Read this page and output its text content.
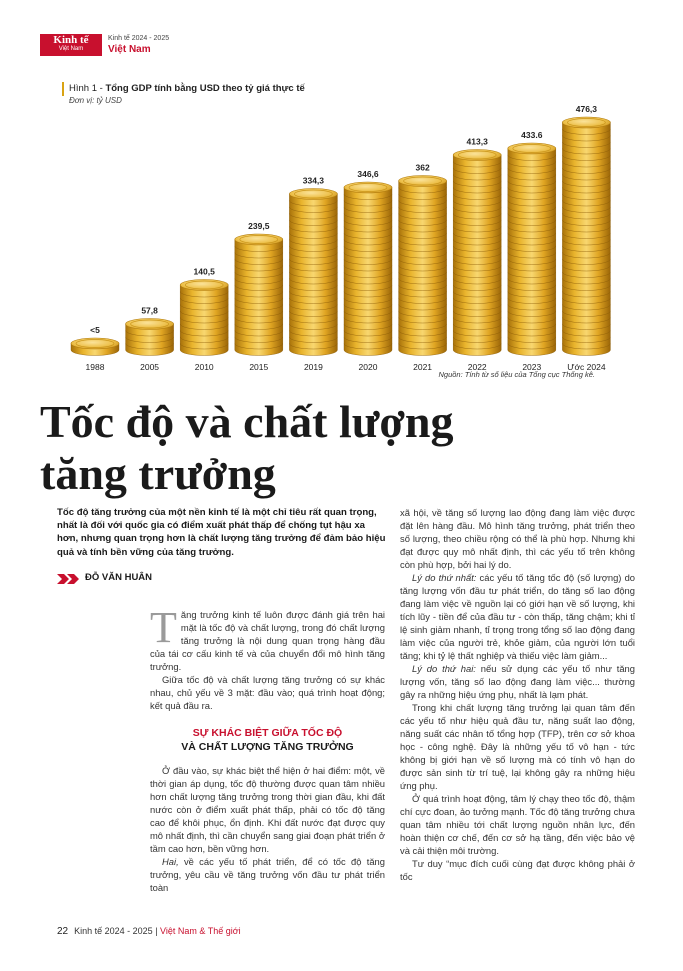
Kinh tế
Việt Nam
Kinh tế 2024 - 2025
Việt Nam
Hình 1 - Tổng GDP tính bằng USD theo tỷ giá thực tế
Đơn vị: tỷ USD
<5
1988
57,8
2005
140,5
2010
239,5
2015
334,3
2019
346,6
2020
362
2021
413,3
2022
433.6
2023
476,3
Ước 2024
Nguồn: Tính từ số liệu của Tổng cục Thống kê.
Tốc độ và chất lượng
tăng trưởng
Tốc độ tăng trưởng của một nền kinh tế là một chỉ tiêu rất quan trọng, nhất là đối với quốc gia có điểm xuất phát thấp để chống tụt hậu xa hơn, nhưng quan trọng hơn là chất lượng tăng trưởng để đảm bảo hiệu quả và tính bền vững của tăng trưởng.
ĐỖ VĂN HUÂN

Tăng trưởng kinh tế luôn được đánh giá trên hai mặt là tốc độ và chất lượng, trong đó chất lượng tăng trưởng là nội dung quan trọng hàng đầu của tái cơ cấu kinh tế và của chuyển đổi mô hình tăng trưởng.

Giữa tốc độ và chất lượng tăng trưởng có sự khác nhau, chủ yếu về 3 mặt: đầu vào; quá trình hoạt động; kết quả đầu ra.

SỰ KHÁC BIỆT GIỮA TỐC ĐỘ
VÀ CHẤT LƯỢNG TĂNG TRƯỞNG

Ở đầu vào, sự khác biệt thể hiện ở hai điểm: một, về thời gian áp dụng, tốc độ thường được quan tâm nhiều hơn chất lượng tăng trưởng trong thời gian đầu, khi đất nước còn ở điểm xuất phát thấp, phải có tốc độ tăng cao để khôi phục, ổn định. Khi đất nước đạt được quy mô nhất định, thì cần chuyển sang giai đoạn phát triển ở tầm cao hơn, bền vững hơn.

Hai, về các yếu tố phát triển, để có tốc độ tăng trưởng, yêu cầu về tăng trưởng vốn đầu tư phát triển toàn

xã hội, về tăng số lượng lao động đang làm việc được đặt lên hàng đầu. Mô hình tăng trưởng, phát triển theo số lượng, theo chiều rộng có thể là phù hợp. Nhưng khi đạt được quy mô nhất định, thì các yếu tố trên không còn phù hợp, bởi hai lý do.

Lý do thứ nhất: các yếu tố tăng tốc độ (số lượng) do tăng lượng vốn đầu tư phát triển, do tăng số lao động đang làm việc về nguồn lại có giới hạn về số lượng, khi tích lũy - tiền để của đầu tư - còn thấp, tăng chậm; khi tỉ lệ sinh giảm nhanh, tỉ trọng trong tổng số lao động đang làm việc của người trẻ, khỏe giảm, của người lớn tuổi tăng; khi tỷ lệ thất nghiệp và thiếu việc làm giảm...

Lý do thứ hai: nếu sử dụng các yếu tố như tăng lượng vốn, tăng số lao động đang làm việc... thường gây ra những hiệu ứng phụ, nhất là lạm phát.

Trong khi chất lượng tăng trưởng lại quan tâm đến các yếu tố như hiệu quả đầu tư, năng suất lao động, năng suất các nhân tố tổng hợp (TFP), trên cơ sở khoa học - công nghệ. Đây là những yếu tố vô hạn - tức không bị giới hạn về số lượng mà có tính vô hạn do được sản sinh từ trí tuệ, lại không gây ra những hiệu ứng phụ.

Ở quá trình hoạt động, tâm lý chạy theo tốc độ, thậm chí cực đoan, ảo tưởng mạnh. Tốc độ tăng trưởng chưa quan tâm nhiều tới chất lượng nguồn nhân lực, đến hoàn thiện cơ chế, đến cơ sở hạ tầng, đến việc bảo vệ và cải thiện môi trường.

Tư duy “mục đích cuối cùng đạt được không phải ở tốc

22 Kinh tế 2024 - 2025 | Việt Nam & Thế giới
